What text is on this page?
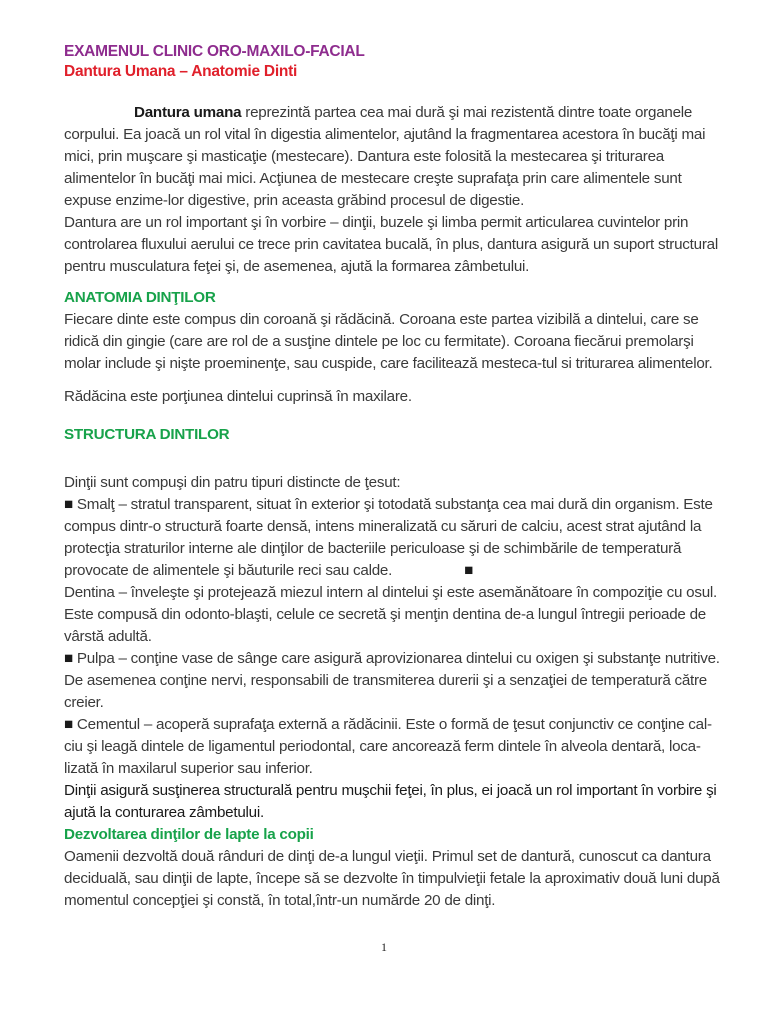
EXAMENUL CLINIC ORO-MAXILO-FACIAL
Dantura Umana – Anatomie Dinti

Dantura umana reprezintă partea cea mai dură şi mai rezistentă dintre toate organele corpului. Ea joacă un rol vital în digestia alimentelor, ajutând la fragmentarea acestora în bucăţi mai mici, prin muşcare şi masticaţie (mestecare). Dantura este folosită la mestecarea şi triturarea alimentelor în bucăţi mai mici. Acţiunea de mestecare creşte suprafaţa prin care alimentele sunt expuse enzime-lor digestive, prin aceasta grăbind procesul de digestie.

Dantura are un rol important şi în vorbire – dinţii, buzele şi limba permit articularea cuvintelor prin controlarea fluxului aerului ce trece prin cavitatea bucală, în plus, dantura asigură un suport structural pentru musculatura feţei şi, de asemenea, ajută la formarea zâmbetului.

ANATOMIA DINŢILOR

Fiecare dinte este compus din coroană şi rădăcină. Coroana este partea vizibilă a dintelui, care se ridică din gingie (care are rol de a susţine dintele pe loc cu fermitate). Coroana fiecărui premolarşi molar include şi nişte proeminenţe, sau cuspide, care facilitează mesteca-tul si triturarea alimentelor.

Rădăcina este porţiunea dintelui cuprinsă în maxilare.

STRUCTURA DINTILOR

Dinţii sunt compuşi din patru tipuri distincte de ţesut:

■ Smalţ – stratul transparent, situat în exterior şi totodată substanţa cea mai dură din organism. Este compus dintr-o structură foarte densă, intens mineralizată cu săruri de calciu, acest strat ajutând la protecţia straturilor interne ale dinţilor de bacteriile periculoase şi de schimbările de temperatură provocate de alimentele şi băuturile reci sau calde.	■

Dentina – înveleşte şi protejează miezul intern al dintelui şi este asemănătoare în compoziţie cu osul. Este compusă din odonto-blaşti, celule ce secretă şi menţin dentina de-a lungul întregii perioade de vârstă adultă.

■ Pulpa – conţine vase de sânge care asigură aprovizionarea dintelui cu oxigen şi substanţe nutritive. De asemenea conţine nervi, responsabili de transmiterea durerii şi a senzaţiei de temperatură către creier.

■ Cementul – acoperă suprafaţa externă a rădăcinii. Este o formă de ţesut conjunctiv ce conţine cal-ciu şi leagă dintele de ligamentul periodontal, care ancorează ferm dintele în alveola dentară, loca-lizată în maxilarul superior sau inferior.

Dinţii asigură susţinerea structurală pentru muşchii feţei, în plus, ei joacă un rol important în vorbire şi ajută la conturarea zâmbetului.

Dezvoltarea dinţilor de lapte la copii

Oamenii dezvoltă două rânduri de dinţi de-a lungul vieţii. Primul set de dantură, cunoscut ca dantura deciduală, sau dinţii de lapte, începe să se dezvolte în timpulvieţii fetale la aproximativ două luni după momentul concepţiei şi constă, în total,într-un numărde 20 de dinţi.

1
